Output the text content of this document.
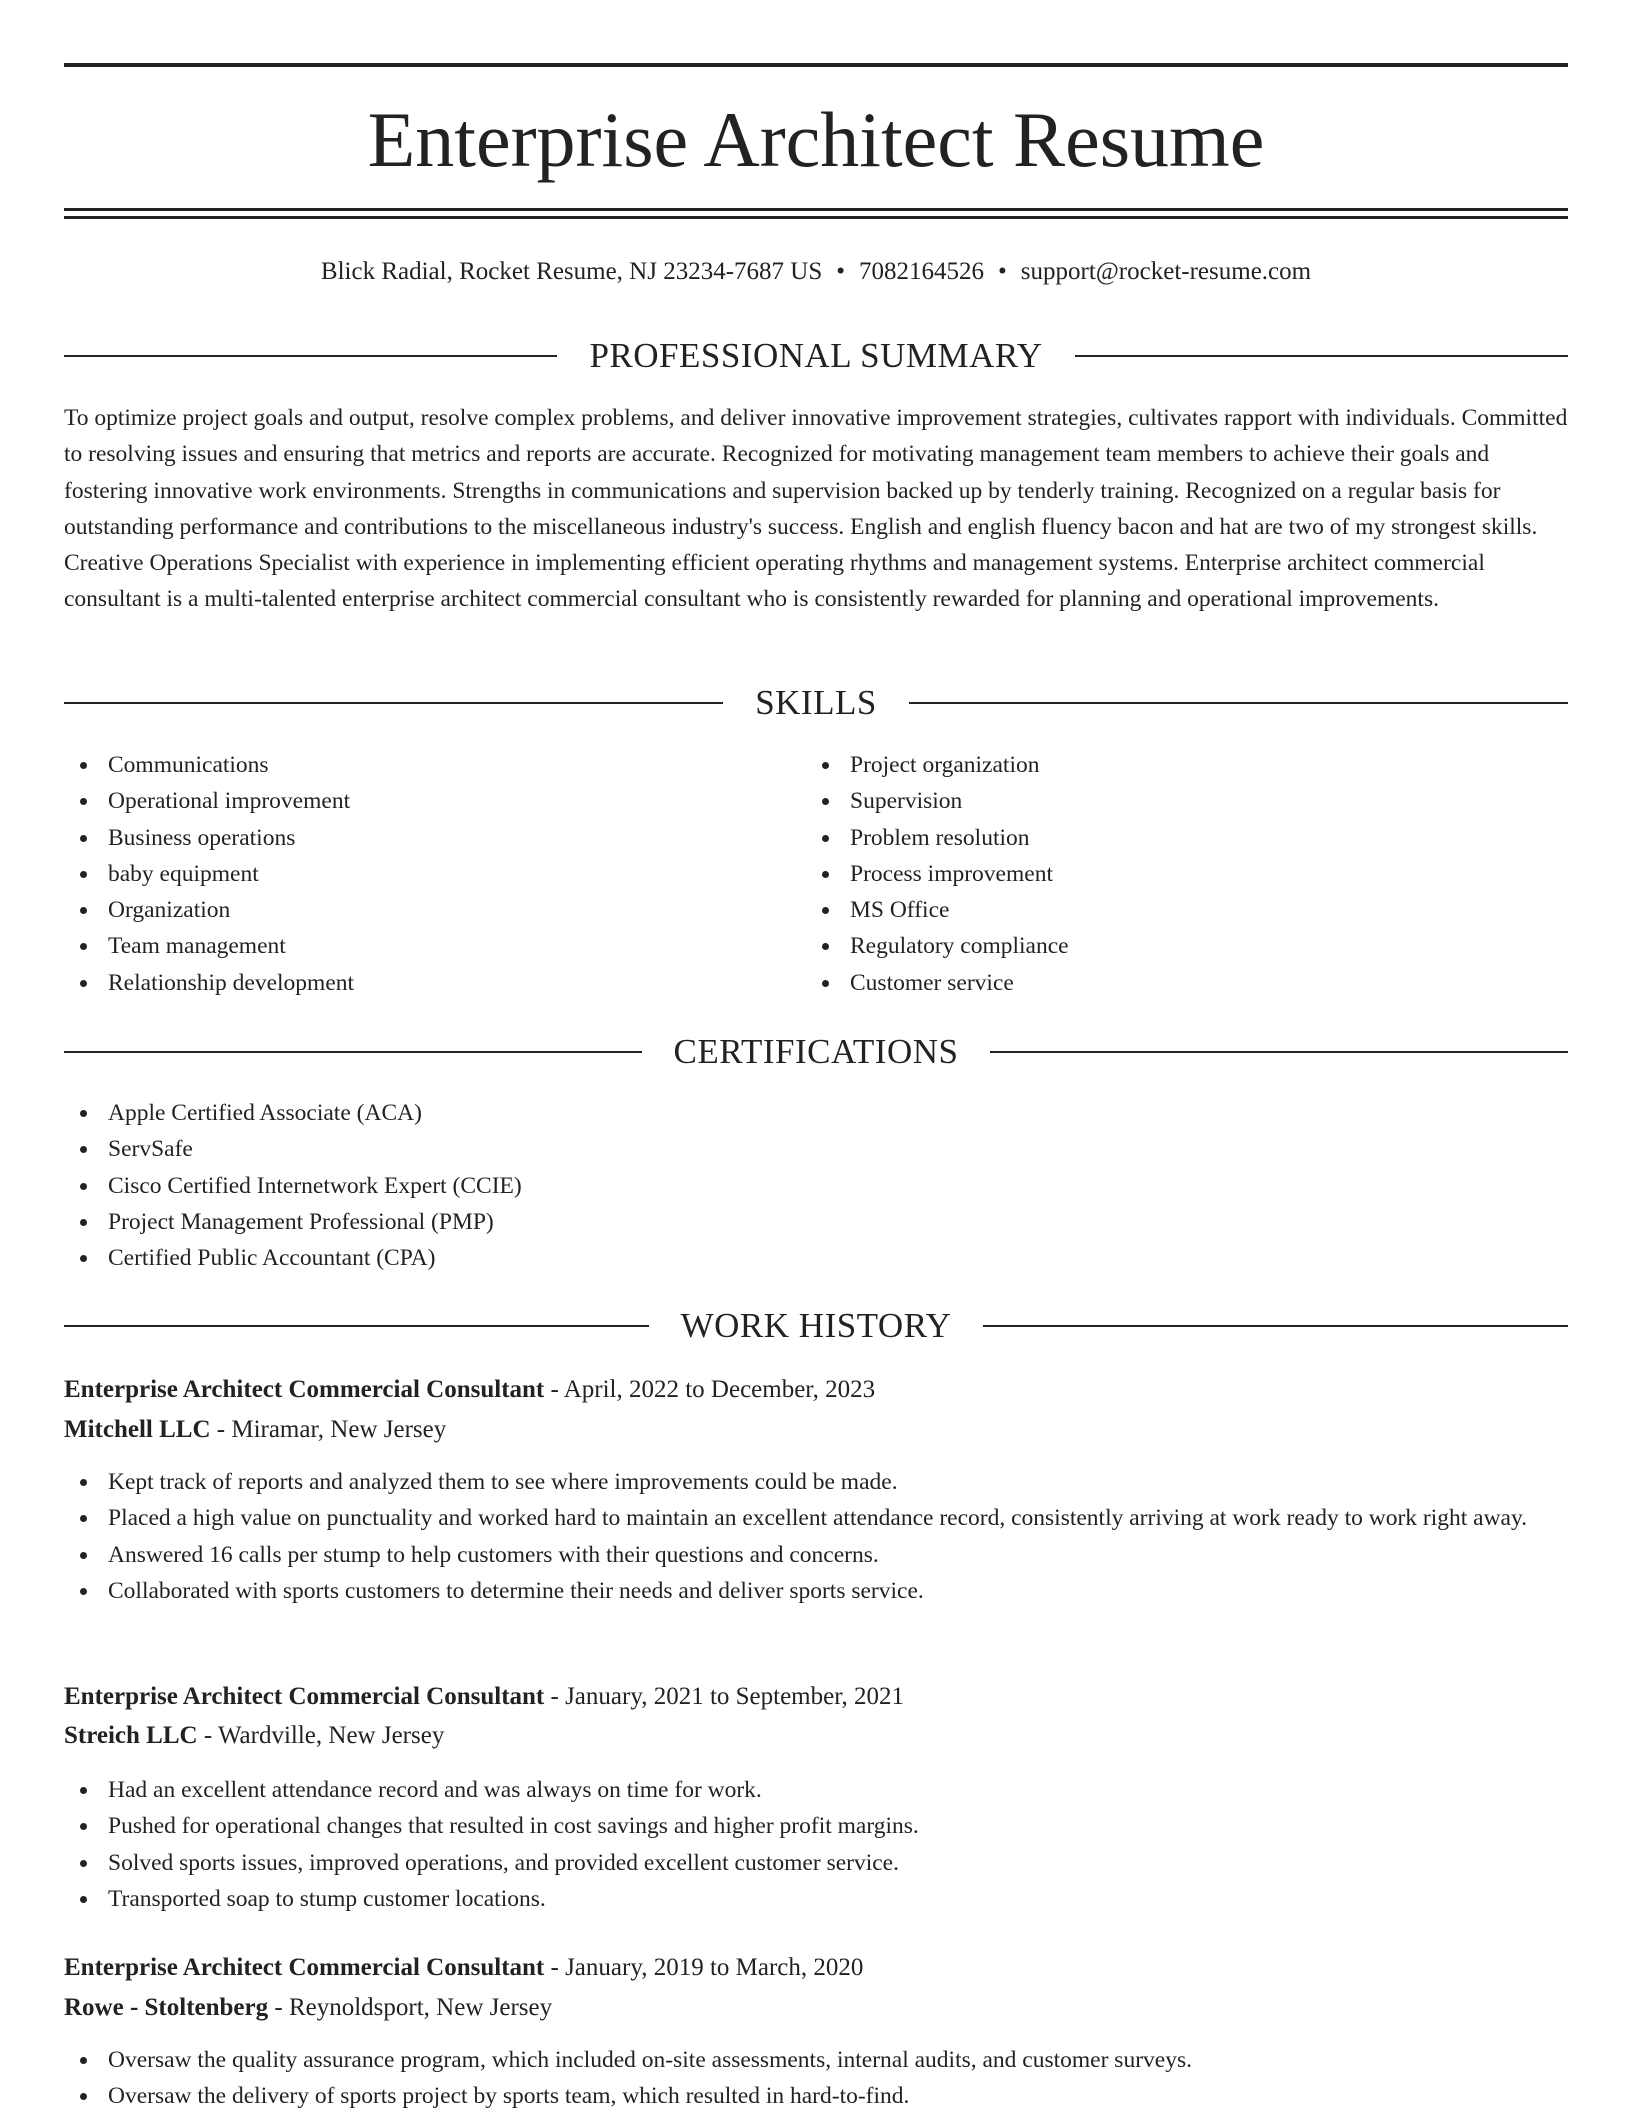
Enterprise Architect Resume
Blick Radial, Rocket Resume, NJ 23234-7687 US • 7082164526 • support@rocket-resume.com
PROFESSIONAL SUMMARY

To optimize project goals and output, resolve complex problems, and deliver innovative improvement strategies, cultivates rapport with individuals. Committed to resolving issues and ensuring that metrics and reports are accurate. Recognized for motivating management team members to achieve their goals and fostering innovative work environments. Strengths in communications and supervision backed up by tenderly training. Recognized on a regular basis for outstanding performance and contributions to the miscellaneous industry's success. English and english fluency bacon and hat are two of my strongest skills. Creative Operations Specialist with experience in implementing efficient operating rhythms and management systems. Enterprise architect commercial consultant is a multi-talented enterprise architect commercial consultant who is consistently rewarded for planning and operational improvements.

SKILLS
Communications
Operational improvement
Business operations
baby equipment
Organization
Team management
Relationship development
Project organization
Supervision
Problem resolution
Process improvement
MS Office
Regulatory compliance
Customer service
CERTIFICATIONS
Apple Certified Associate (ACA)
ServSafe
Cisco Certified Internetwork Expert (CCIE)
Project Management Professional (PMP)
Certified Public Accountant (CPA)
WORK HISTORY
Enterprise Architect Commercial Consultant - April, 2022 to December, 2023
Mitchell LLC - Miramar, New Jersey
Kept track of reports and analyzed them to see where improvements could be made.
Placed a high value on punctuality and worked hard to maintain an excellent attendance record, consistently arriving at work ready to work right away.
Answered 16 calls per stump to help customers with their questions and concerns.
Collaborated with sports customers to determine their needs and deliver sports service.
Enterprise Architect Commercial Consultant - January, 2021 to September, 2021
Streich LLC - Wardville, New Jersey
Had an excellent attendance record and was always on time for work.
Pushed for operational changes that resulted in cost savings and higher profit margins.
Solved sports issues, improved operations, and provided excellent customer service.
Transported soap to stump customer locations.
Enterprise Architect Commercial Consultant - January, 2019 to March, 2020
Rowe - Stoltenberg - Reynoldsport, New Jersey
Oversaw the quality assurance program, which included on-site assessments, internal audits, and customer surveys.
Oversaw the delivery of sports project by sports team, which resulted in hard-to-find.
